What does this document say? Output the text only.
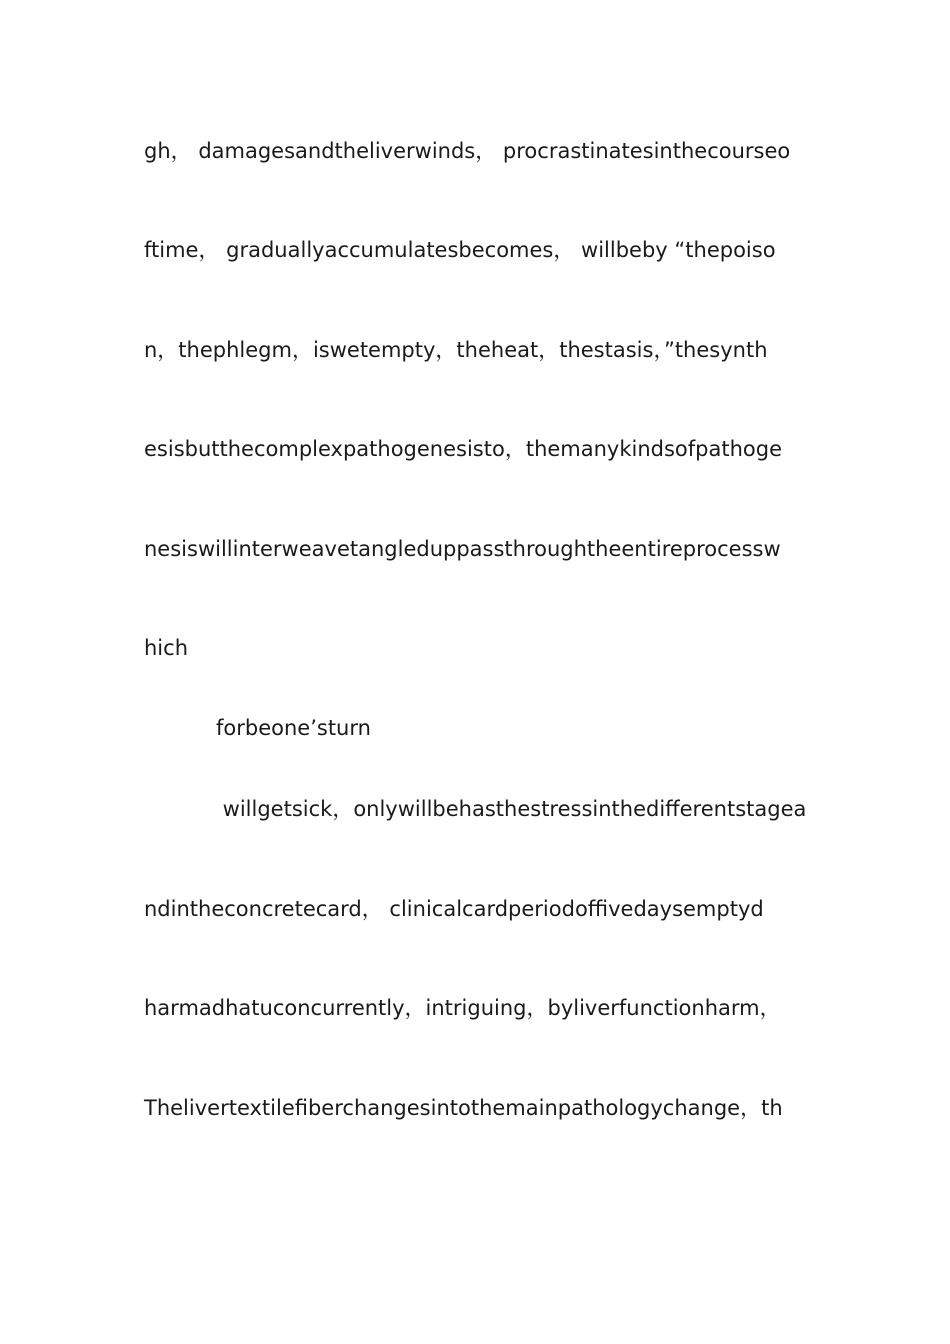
gh， damagesandtheliverwinds， procrastinatesinthecourseo
ftime， graduallyaccumulatesbecomes， willbeby “thepoiso
n，thephlegm，iswetempty，theheat，thestasis，”thesynth
esisbutthecomplexpathogenesisto，themanykindsofpathoge
nesiswillinterweavetangleduppassthroughtheentireprocessw
hich
forbeone’sturn
willgetsick，onlywillbehasthestressinthedifferentstagea
ndintheconcretecard， clinicalcardperiodoffivedaysemptyd
harmadhatuconcurrently，intriguing，byliverfunctionharm，
Thelivertextilefiberchangesintothemainpathologychange，th
